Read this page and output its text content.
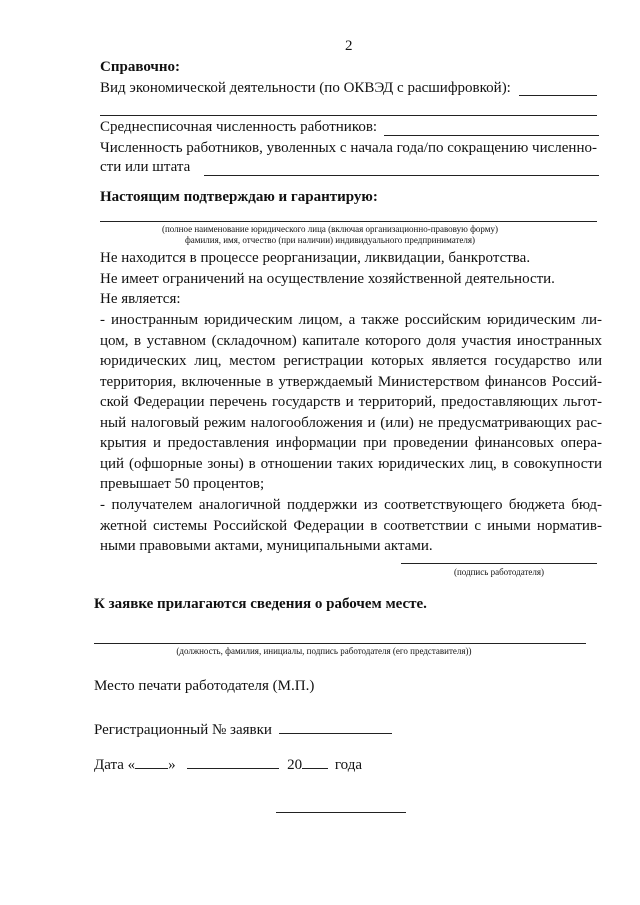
2
Справочно:
Вид экономической деятельности (по ОКВЭД с расшифровкой):
Среднесписочная численность работников:
Численность работников, уволенных с начала года/по сокращению численно-
сти или штата
Настоящим подтверждаю и гарантирую:
(полное наименование юридического лица (включая организационно-правовую форму)
фамилия, имя, отчество (при наличии) индивидуального предпринимателя)
Не находится в процессе реорганизации, ликвидации, банкротства.
Не имеет ограничений на осуществление хозяйственной деятельности.
Не является:
- иностранным юридическим лицом, а также российским юридическим ли-
цом, в уставном (складочном) капитале которого доля участия иностранных
юридических лиц, местом регистрации которых является государство или
территория, включенные в утверждаемый Министерством финансов Россий-
ской Федерации перечень государств и территорий, предоставляющих льгот-
ный налоговый режим налогообложения и (или) не предусматривающих рас-
крытия и предоставления информации при проведении финансовых опера-
ций (офшорные зоны) в отношении таких юридических лиц, в совокупности
превышает 50 процентов;
- получателем аналогичной поддержки из соответствующего бюджета бюд-
жетной системы Российской Федерации в соответствии с иными норматив-
ными правовыми актами, муниципальными актами.
(подпись работодателя)
К заявке прилагаются сведения о рабочем месте.
(должность, фамилия, инициалы, подпись работодателя (его представителя))
Место печати работодателя (М.П.)
Регистрационный № заявки
Дата « »	20 года
